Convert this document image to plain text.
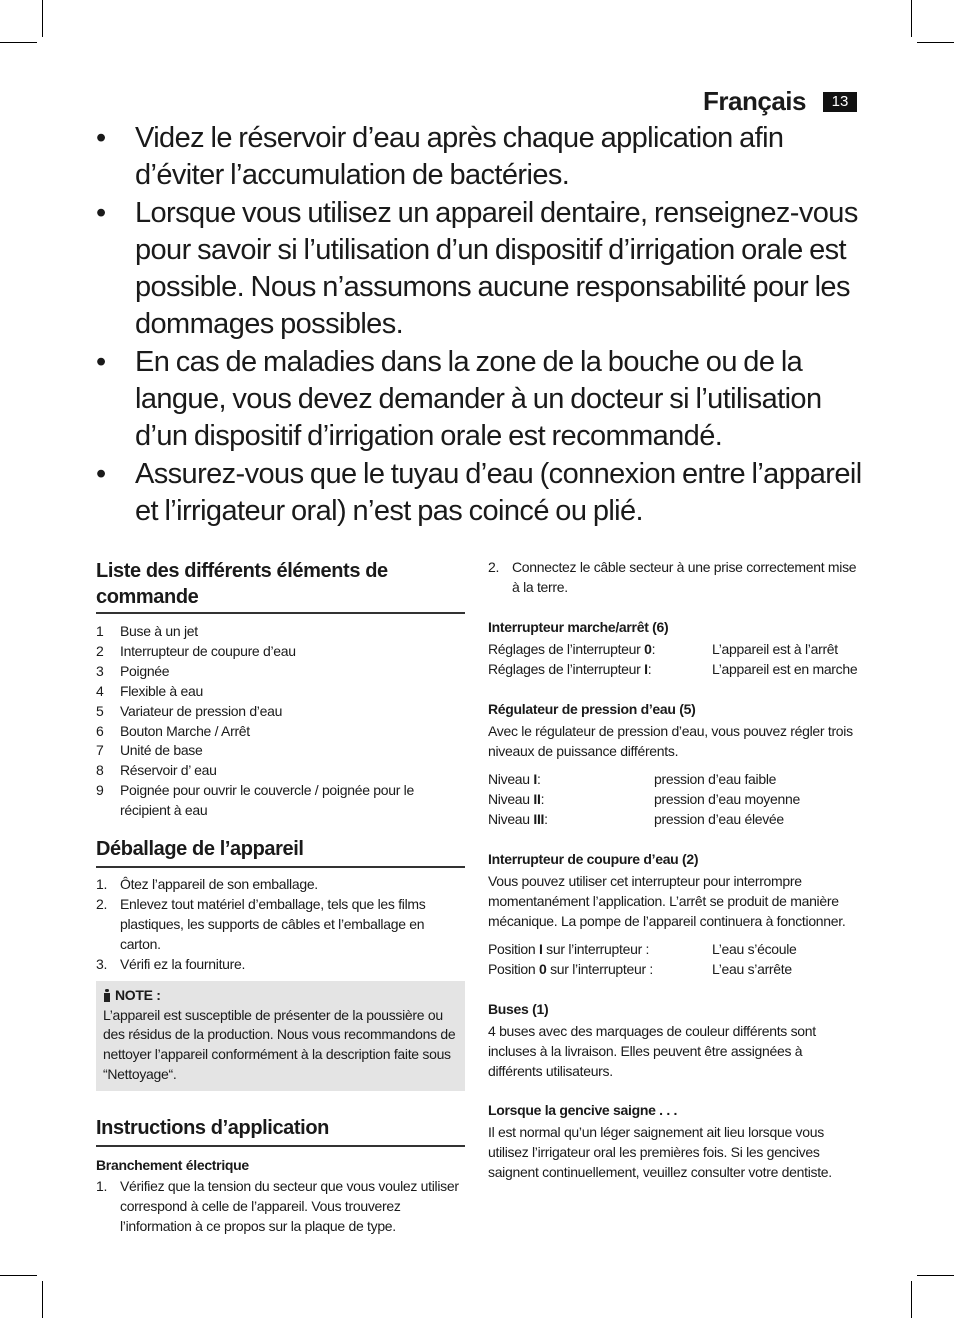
Français	13
• Videz le réservoir d’eau après chaque application afin d’éviter l’accumulation de bactéries.
• Lorsque vous utilisez un appareil dentaire, renseignez-vous pour savoir si l’utilisation d’un dispositif d’irrigation orale est possible. Nous n’assumons aucune responsabilité pour les dommages possibles.
• En cas de maladies dans la zone de la bouche ou de la langue, vous devez demander à un docteur si l’utilisation d’un dispositif d’irrigation orale est recommandé.
• Assurez-vous que le tuyau d’eau (connexion entre l’appareil et l’irrigateur oral) n’est pas coincé ou plié.
Liste des différents éléments de commande
1 Buse à un jet
2 Interrupteur de coupure d’eau
3 Poignée
4 Flexible à eau
5 Variateur de pression d’eau
6 Bouton Marche / Arrêt
7 Unité de base
8 Réservoir d’ eau
9 Poignée pour ouvrir le couvercle / poignée pour le récipient à eau
Déballage de l’appareil
1. Ôtez l’appareil de son emballage.
2. Enlevez tout matériel d’emballage, tels que les films plastiques, les supports de câbles et l’emballage en carton.
3. Vérifi ez la fourniture.
NOTE :

L’appareil est susceptible de présenter de la poussière ou des résidus de la production. Nous vous recommandons de nettoyer l’appareil conformément à la description faite sous “Nettoyage“.

Instructions d’application
Branchement électrique
1. Vérifiez que la tension du secteur que vous voulez utiliser correspond à celle de l’appareil. Vous trouverez l’information à ce propos sur la plaque de type.
2. Connectez le câble secteur à une prise correctement mise à la terre.
Interrupteur marche/arrêt (6)
Réglages de l’interrupteur 0:	L’appareil est à l’arrêt
Réglages de l’interrupteur I:	L’appareil est en marche
Régulateur de pression d’eau (5)

Avec le régulateur de pression d’eau, vous pouvez régler trois niveaux de puissance différents.

Niveau I:	pression d’eau faible
Niveau II:	pression d’eau moyenne
Niveau III:	pression d’eau élevée
Interrupteur de coupure d’eau (2)

Vous pouvez utiliser cet interrupteur pour interrompre momentanément l’application. L’arrêt se produit de manière mécanique. La pompe de l’appareil continuera à fonctionner.

Position I sur l’interrupteur :	L’eau s’écoule
Position 0 sur l’interrupteur :	L’eau s’arrête
Buses (1)

4 buses avec des marquages de couleur différents sont incluses à la livraison. Elles peuvent être assignées à différents utilisateurs.

Lorsque la gencive saigne . . .

Il est normal qu’un léger saignement ait lieu lorsque vous utilisez l’irrigateur oral les premières fois. Si les gencives saignent continuellement, veuillez consulter votre dentiste.
